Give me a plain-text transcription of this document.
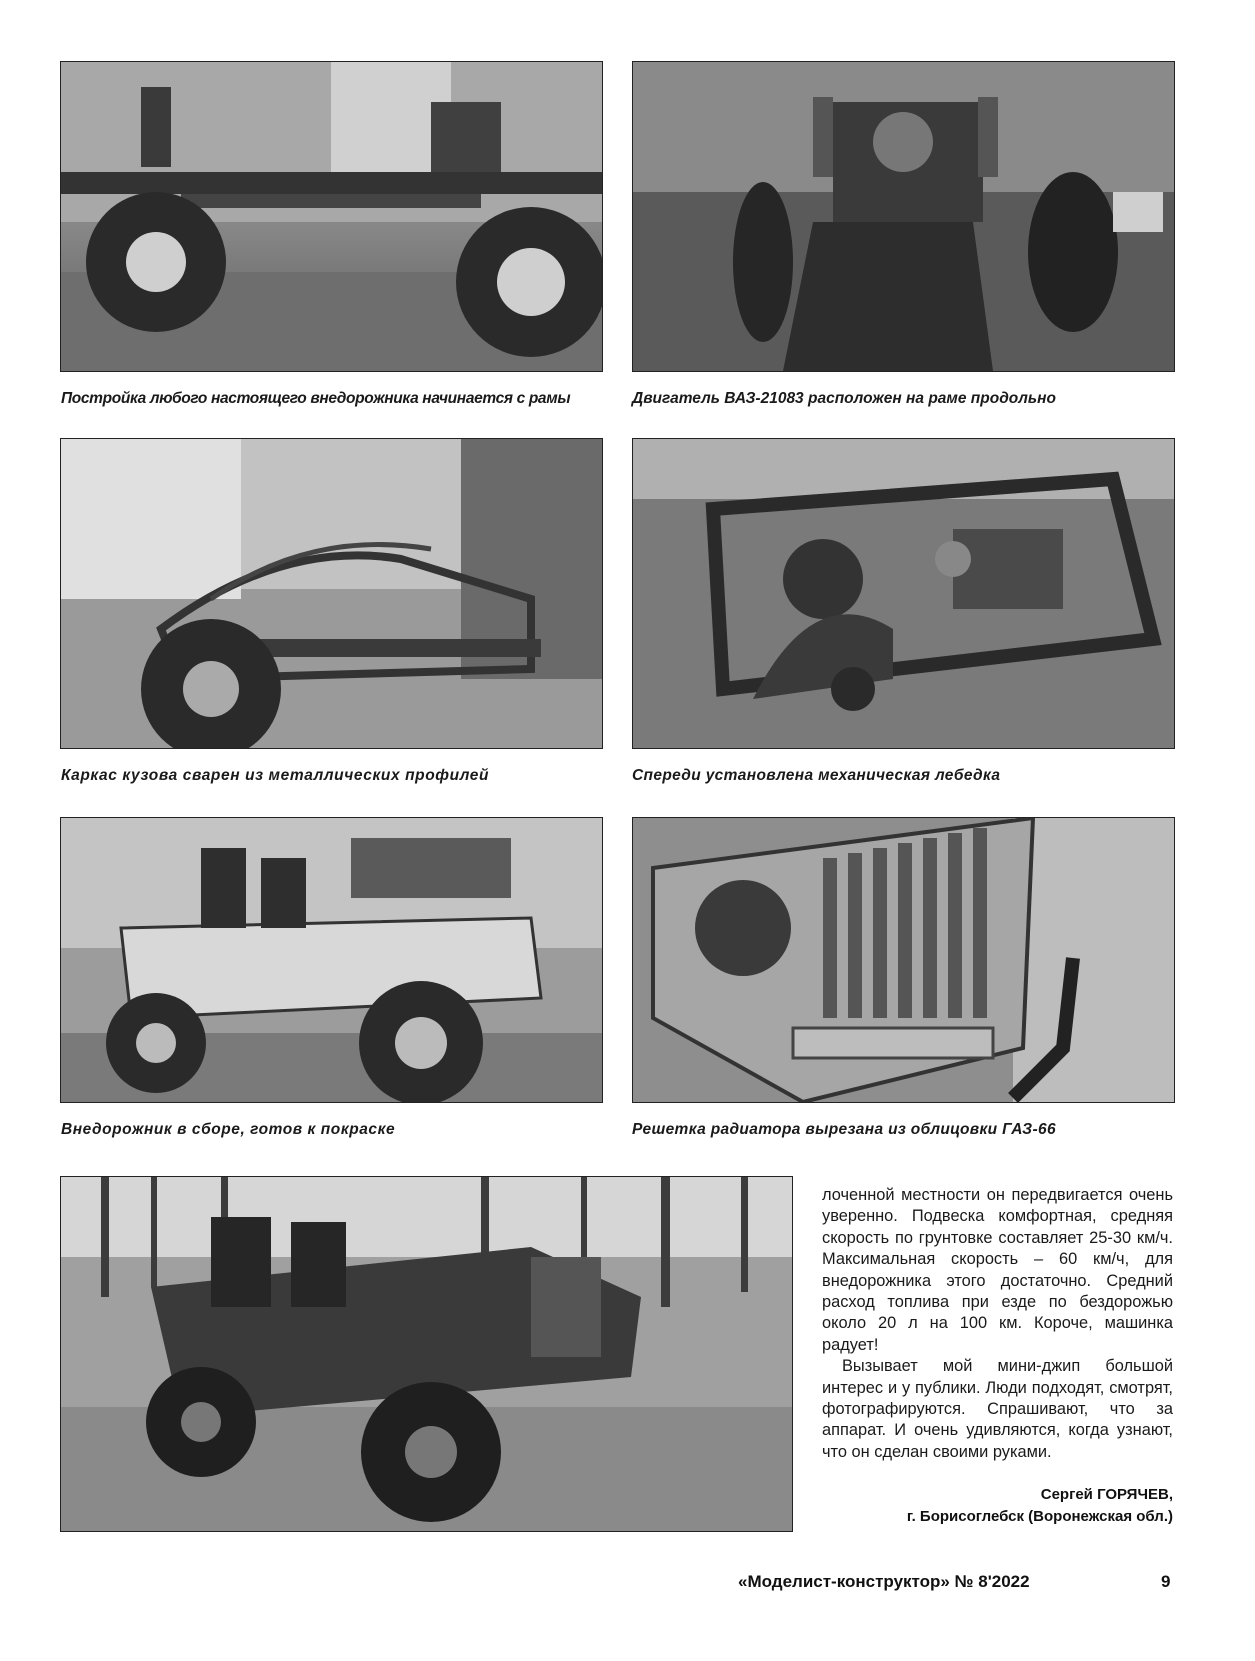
Постройка любого настоящего внедорожника начинается с рамы	Двигатель ВАЗ-21083 расположен на раме продольно
Каркас кузова сварен из металлических профилей	Спереди установлена механическая лебедка
Внедорожник в сборе, готов к покраске	Решетка радиатора вырезана из облицовки ГАЗ-66

лоченной местности он передвигается очень уверенно. Подвеска комфортная, средняя скорость по грунтовке составляет 25-30 км/ч. Максимальная скорость – 60 км/ч, для внедорожника этого достаточно. Средний расход топлива при езде по бездорожью около 20 л на 100 км. Короче, машинка радует!

Вызывает мой мини-джип большой интерес и у публики. Люди подходят, смотрят, фотографируются. Спрашивают, что за аппарат. И очень удивляются, когда узнают, что он сделан своими руками.

Сергей ГОРЯЧЕВ,
г. Борисоглебск (Воронежская обл.)
«Моделист-конструктор» № 8'2022	9
